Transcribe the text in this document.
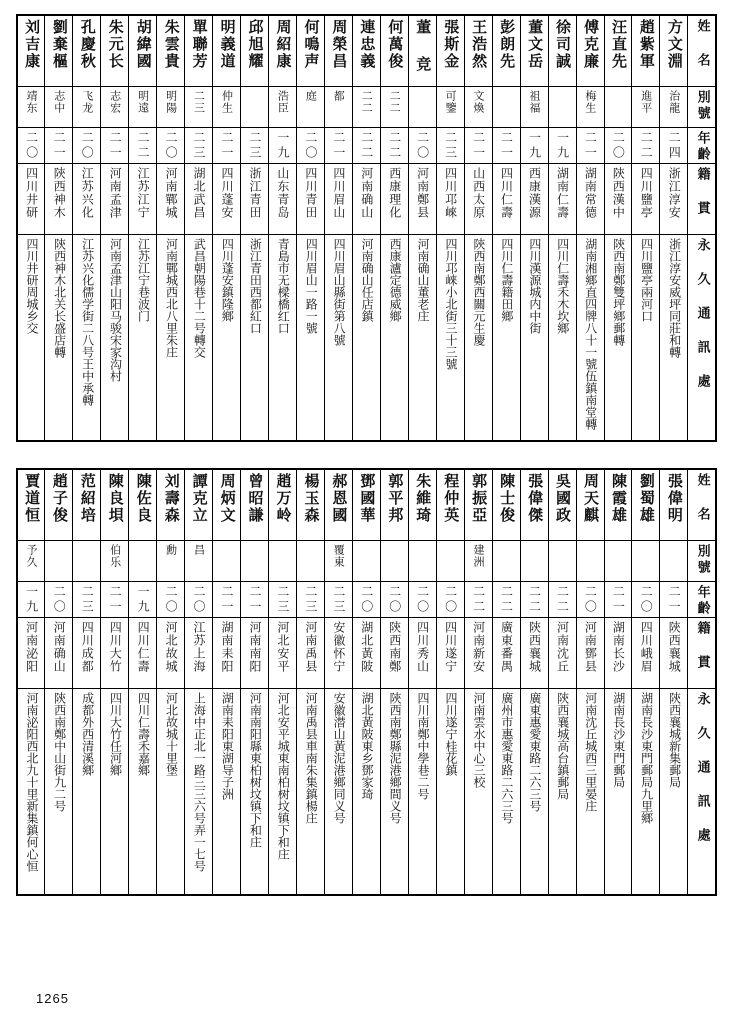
刘吉康	劉棄樞	孔慶秋	朱元长	胡緯國	朱雲貴	單聯芳	明義道	邱旭耀	周紹康	何鳴声	周榮昌	連忠義	何萬俊	董 竞	張斯金	王浩然	彭朗先	董文岳	徐司誠	傅克廉	汪直先	趙紫軍	方文淵	姓 名

靖东	志中	飞龙	志宏	明遠	明陽	二三	仲生		浩臣	庭	都	二二	二二		可鑒	文煥		祖福		梅生		進平	治龍	別號

二〇	二一	二〇	二一	二二	二〇	二三	二一	二三	一九	二〇	二一	二二	二二	二〇	二三	二一	二一	一九	一九	二一	二〇	二二	二四	年齡

四川井研	陝西神木	江苏兴化	河南孟津	江苏江宁	河南鄲城	湖北武昌	四川蓬安	浙江青田	山东青岛	四川青田	四川眉山	河南确山	西康理化	河南鄭县	四川邛崍	山西太原	四川仁壽	西康漢源	湖南仁壽	湖南常德	陝西漢中	四川鹽亭	浙江淳安	籍 貫

四川井研周城乡交	陝西神木北关长盛店轉	江苏兴化儒学街二八号王中承轉	河南孟津山阳马骏宋家沟村	江苏江宁巷波门	河南鄲城西北八里朱庄	武昌朝陽巷十二号轉交	四川蓬安鎮隆鄉	浙江青田西都紅口	青島市无樑橋红口	四川眉山一路一號	四川眉山縣街第八號	河南确山任店鎮	西康瀘定德威鄉	河南确山董老庄	四川邛崍小北街三十三號	陝西南鄭西關元生慶	四川仁壽籍田鄉	四川漢源城内中街	四川仁壽禾木坎鄉	湖南湘鄉直四牌八十一號伍鎮南堂轉	陝西南鄭雙坪鄉郵轉	四川鹽亭兩河口	浙江淳安威坪同莊和轉	永 久 通 訊 處
賈道恒	趙子俊	范紹培	陳良垻	陳佐良	刘壽森	譚克立	周炳文	曾昭謙	趙万岭	楊玉森	郝恩國	鄧國華	郭平邦	朱維琦	程仲英	郭振亞	陳士俊	張偉傑	吳國政	周天麒	陳霞雄	劉蜀雄	張偉明	姓 名

予久			伯乐		勳	昌					覆東					建洲								別號

一九	二〇	二三	二一	一九	二〇	二〇	二一	二一	二三	二三	二三	二〇	二〇	二〇	二〇	二二	二二	二二	二二	二〇	二一	二〇	二一	年齡

河南泌阳	河南确山	四川成都	四川大竹	四川仁壽	河北故城	江苏上海	湖南耒阳	河南南阳	河北安平	河南禹县	安徽怀宁	湖北黃陂	陝西南鄭	四川秀山	四川遂宁	河南新安	廣東番禺	陝西襄城	河南沈丘	河南鄧县	湖南长沙	四川峨眉	陝西襄城	籍 貫

河南泌阳西北九十里新集鎮何心恒	陝西南鄭中山街九二号	成都外西清溪鄉	四川大竹任河鄉	四川仁壽禾嘉鄉	河北故城十里堡	上海中正北一路三三六号弄一七号	湖南耒阳東湖导子洲	河南南阳縣東柏树坟镇下和庄	河北安平城東南柏树坟镇下和庄	河南禹县車南朱集鎮楊庄	安徽潜山黃泥港鄉同义号	湖北黃陂東乡鄧家琦	陝西南鄭縣泥港鄉間义号	四川南鄭中學巷二号	四川遂宁桂花鎮	河南雲水中心三校	廣州市惠愛東路二六三号	廣東惠愛東路二六三号	陝西襄城高台鎮郵局	河南沈丘城西三里晏庄	湖南長沙東門郵局	湖南長沙東門郵局九里鄉	陝西襄城新集郵局	永 久 通 訊 處
1265
